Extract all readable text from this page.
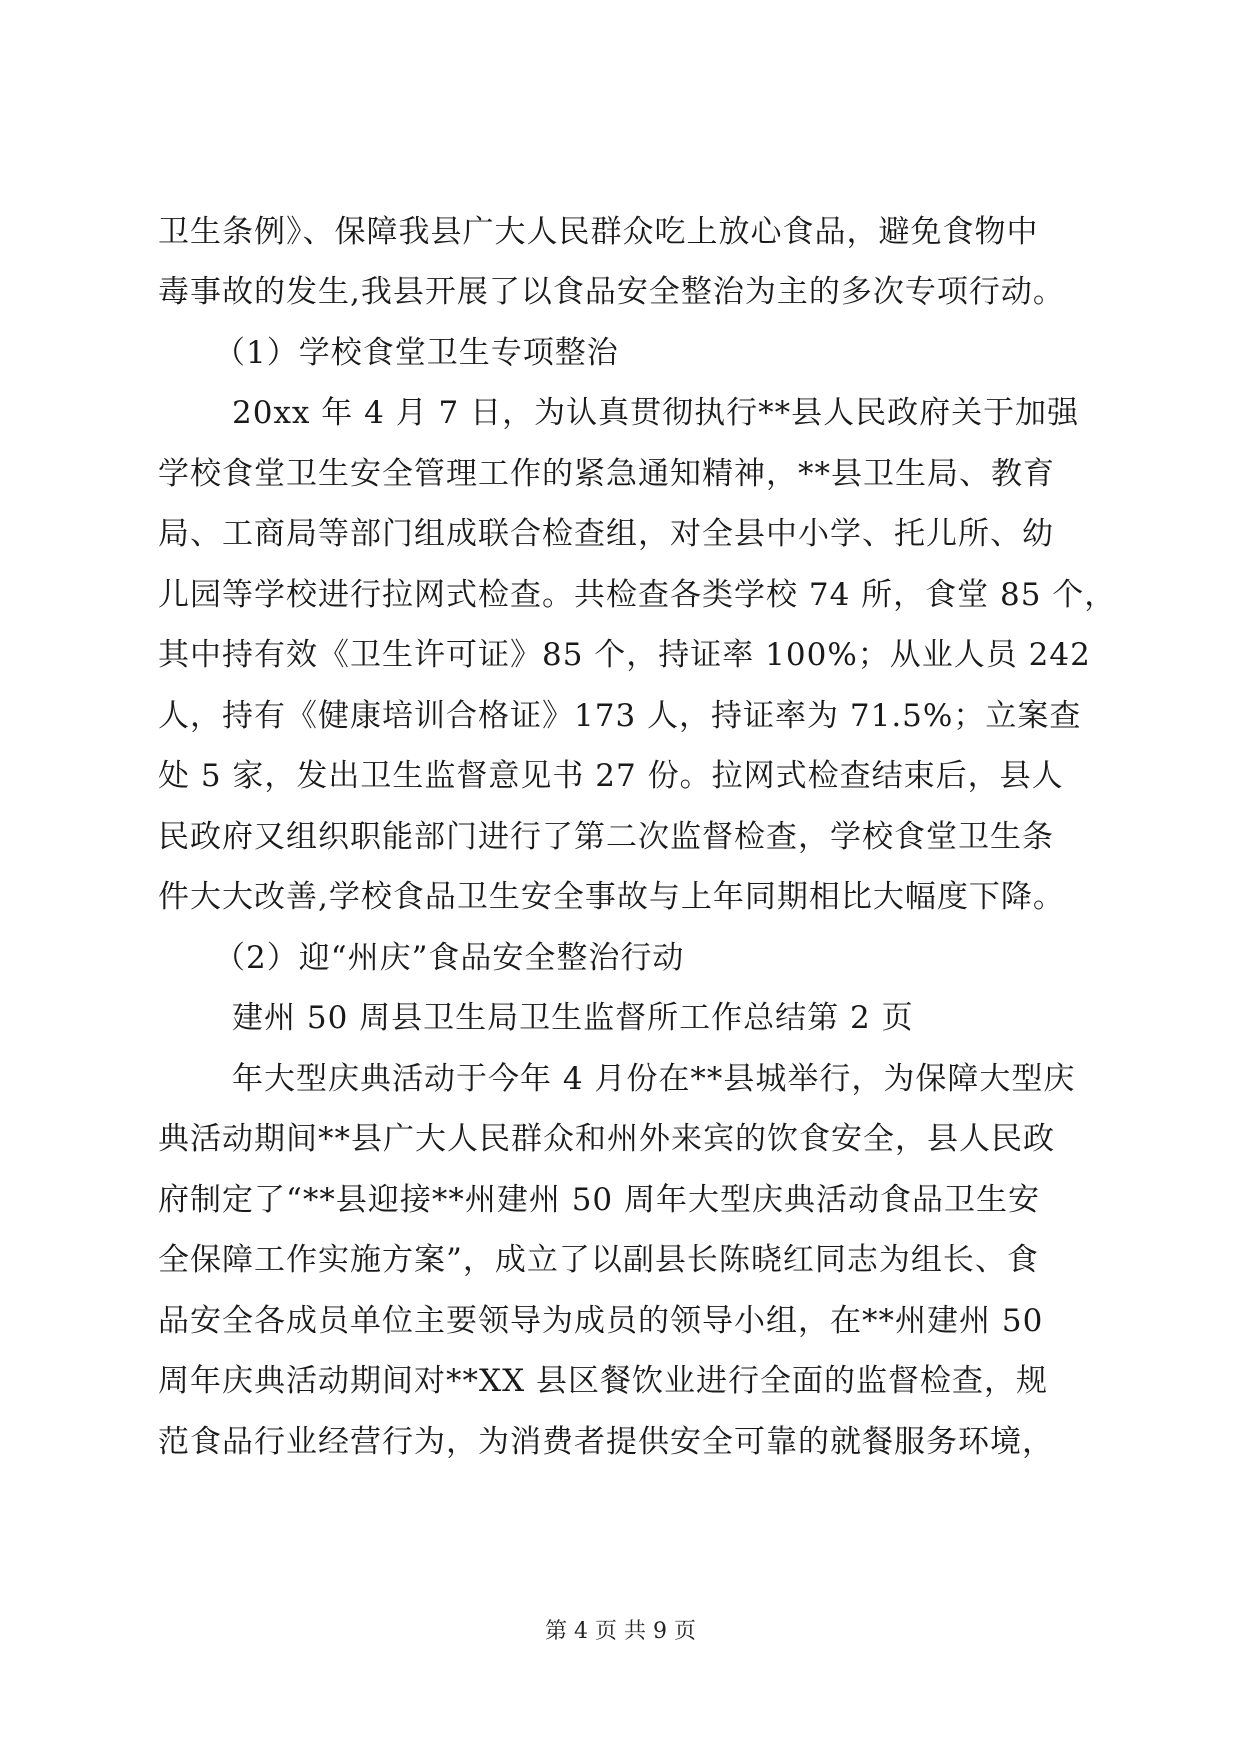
卫生条例》、保障我县广大人民群众吃上放心食品，避免食物中
毒事故的发生,我县开展了以食品安全整治为主的多次专项行动。
（1）学校食堂卫生专项整治
20xx 年 4 月 7 日，为认真贯彻执行**县人民政府关于加强
学校食堂卫生安全管理工作的紧急通知精神，**县卫生局、教育
局、工商局等部门组成联合检查组，对全县中小学、托儿所、幼
儿园等学校进行拉网式检查。共检查各类学校 74 所，食堂 85 个，
其中持有效《卫生许可证》85 个，持证率 100%；从业人员 242
人，持有《健康培训合格证》173 人，持证率为 71.5%；立案查
处 5 家，发出卫生监督意见书 27 份。拉网式检查结束后，县人
民政府又组织职能部门进行了第二次监督检查，学校食堂卫生条
件大大改善,学校食品卫生安全事故与上年同期相比大幅度下降。
（2）迎“州庆”食品安全整治行动
建州 50 周县卫生局卫生监督所工作总结第 2 页
年大型庆典活动于今年 4 月份在**县城举行，为保障大型庆
典活动期间**县广大人民群众和州外来宾的饮食安全，县人民政
府制定了“**县迎接**州建州 50 周年大型庆典活动食品卫生安
全保障工作实施方案”，成立了以副县长陈晓红同志为组长、食
品安全各成员单位主要领导为成员的领导小组，在**州建州 50
周年庆典活动期间对**XX 县区餐饮业进行全面的监督检查，规
范食品行业经营行为，为消费者提供安全可靠的就餐服务环境，
第 4 页 共 9 页
